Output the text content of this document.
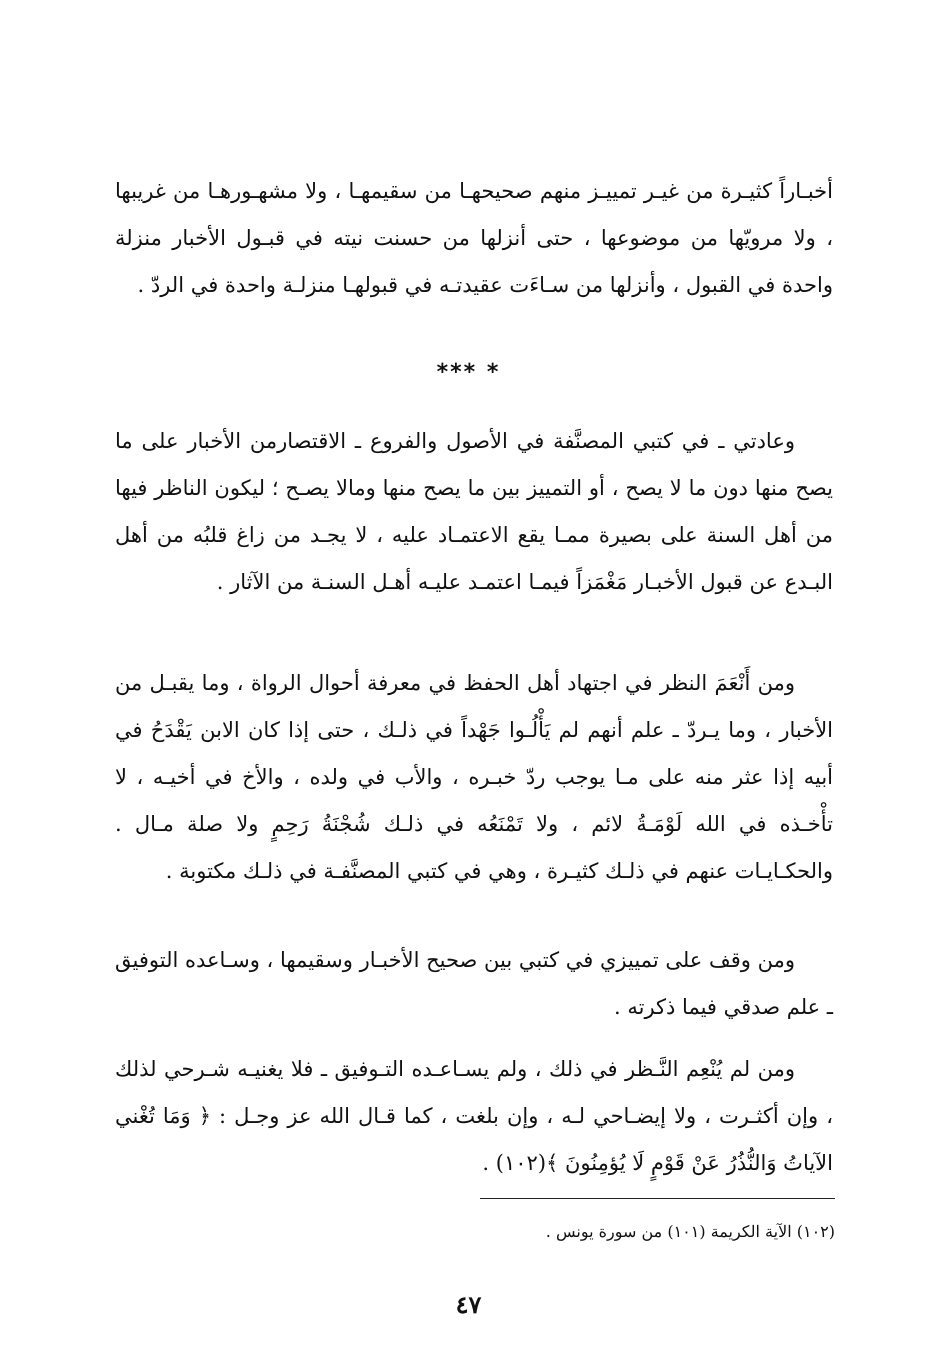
أخبـاراً كثيـرة من غيـر تمييـز منهم صحيحهـا من سقيمهـا ، ولا مشهـورهـا من غريبها ، ولا مرويّها من موضوعها ، حتى أنزلها من حسنت نيته في قبـول الأخبار منزلة واحدة في القبول ، وأنزلها من سـاءَت عقيدتـه في قبولهـا منزلـة واحدة في الردّ .

*** *

وعادتي ـ في كتبي المصنَّفة في الأصول والفروع ـ الاقتصارمن الأخبار على ما يصح منها دون ما لا يصح ، أو التمييز بين ما يصح منها ومالا يصـح ؛ ليكون الناظر فيها من أهل السنة على بصيرة ممـا يقع الاعتمـاد عليه ، لا يجـد من زاغ قلبُه من أهل البـدع عن قبول الأخبـار مَغْمَزاً فيمـا اعتمـد عليـه أهـل السنـة من الآثار .

ومن أَنْعَمَ النظر في اجتهاد أهل الحفظ في معرفة أحوال الرواة ، وما يقبـل من الأخبار ، وما يـردّ ـ علم أنهم لم يَأْلُـوا جَهْداً في ذلـك ، حتى إذا كان الابن يَقْدَحُ في أبيه إذا عثر منه على مـا يوجب ردّ خبـره ، والأب في ولده ، والأخ في أخيـه ، لا تأْخـذه في الله لَوْمَـةُ لائم ، ولا تَمْنَعُه في ذلـك شُجْنَةُ رَحِمٍ ولا صلة مـال . والحكـايـات عنهم في ذلـك كثيـرة ، وهي في كتبي المصنَّفـة في ذلـك مكتوبة .

ومن وقف على تمييزي في كتبي بين صحيح الأخبـار وسقيمها ، وسـاعده التوفيق ـ علم صدقي فيما ذكرته .

ومن لم يُنْعِم النَّـظر في ذلك ، ولم يسـاعـده التـوفيق ـ فلا يغنيـه شـرحي لذلك ، وإن أكثـرت ، ولا إيضـاحي لـه ، وإن بلغت ، كما قـال الله عز وجـل : ﴿ وَمَا تُغْني الآياتُ وَالنُّذُرُ عَنْ قَوْمٍ لَا يُؤمِنُونَ ﴾(١٠٢) .

(١٠٢) الآية الكريمة (١٠١) من سورة يونس .
٤٧
